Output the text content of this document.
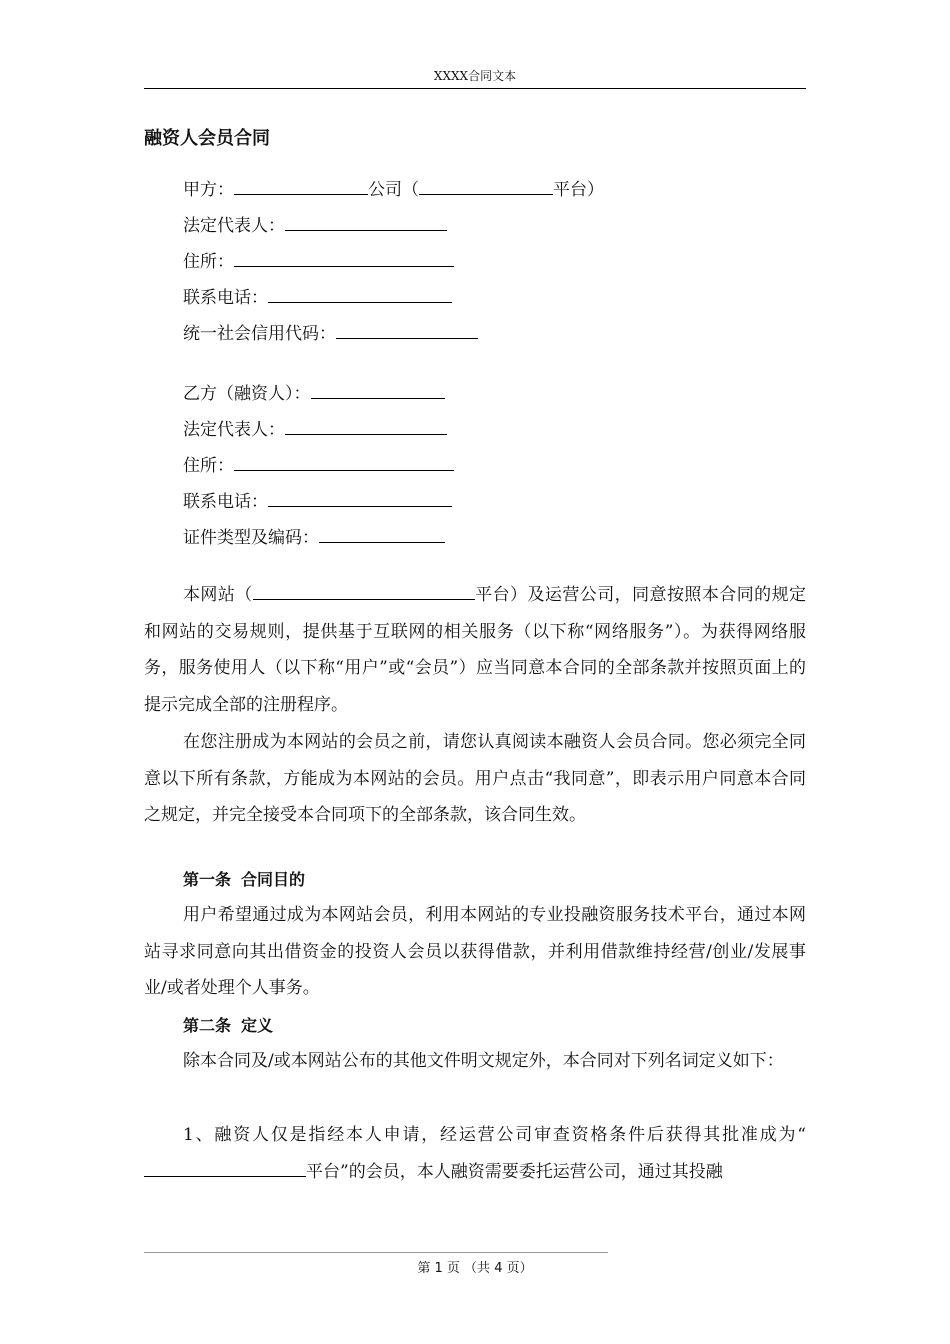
XXXX合同文本
融资人会员合同
甲方：	公司（	平台）
法定代表人：
住所：
联系电话：
统一社会信用代码：
乙方（融资人）：
法定代表人：
住所：
联系电话：
证件类型及编码：

本网站（	平台）及运营公司，同意按照本合同的规定和网站的交易规则，提供基于互联网的相关服务（以下称“网络服务”）。为获得网络服务，服务使用人（以下称“用户”或“会员”）应当同意本合同的全部条款并按照页面上的提示完成全部的注册程序。

在您注册成为本网站的会员之前，请您认真阅读本融资人会员合同。您必须完全同意以下所有条款，方能成为本网站的会员。用户点击“我同意”，即表示用户同意本合同之规定，并完全接受本合同项下的全部条款，该合同生效。

第一条 合同目的

用户希望通过成为本网站会员，利用本网站的专业投融资服务技术平台，通过本网站寻求同意向其出借资金的投资人会员以获得借款，并利用借款维持经营/创业/发展事业/或者处理个人事务。

第二条 定义

除本合同及/或本网站公布的其他文件明文规定外，本合同对下列名词定义如下：

1、融资人仅是指经本人申请，经运营公司审查资格条件后获得其批准成为“平台”的会员，本人融资需要委托运营公司，通过其投融

第 1 页 （共 4 页）
